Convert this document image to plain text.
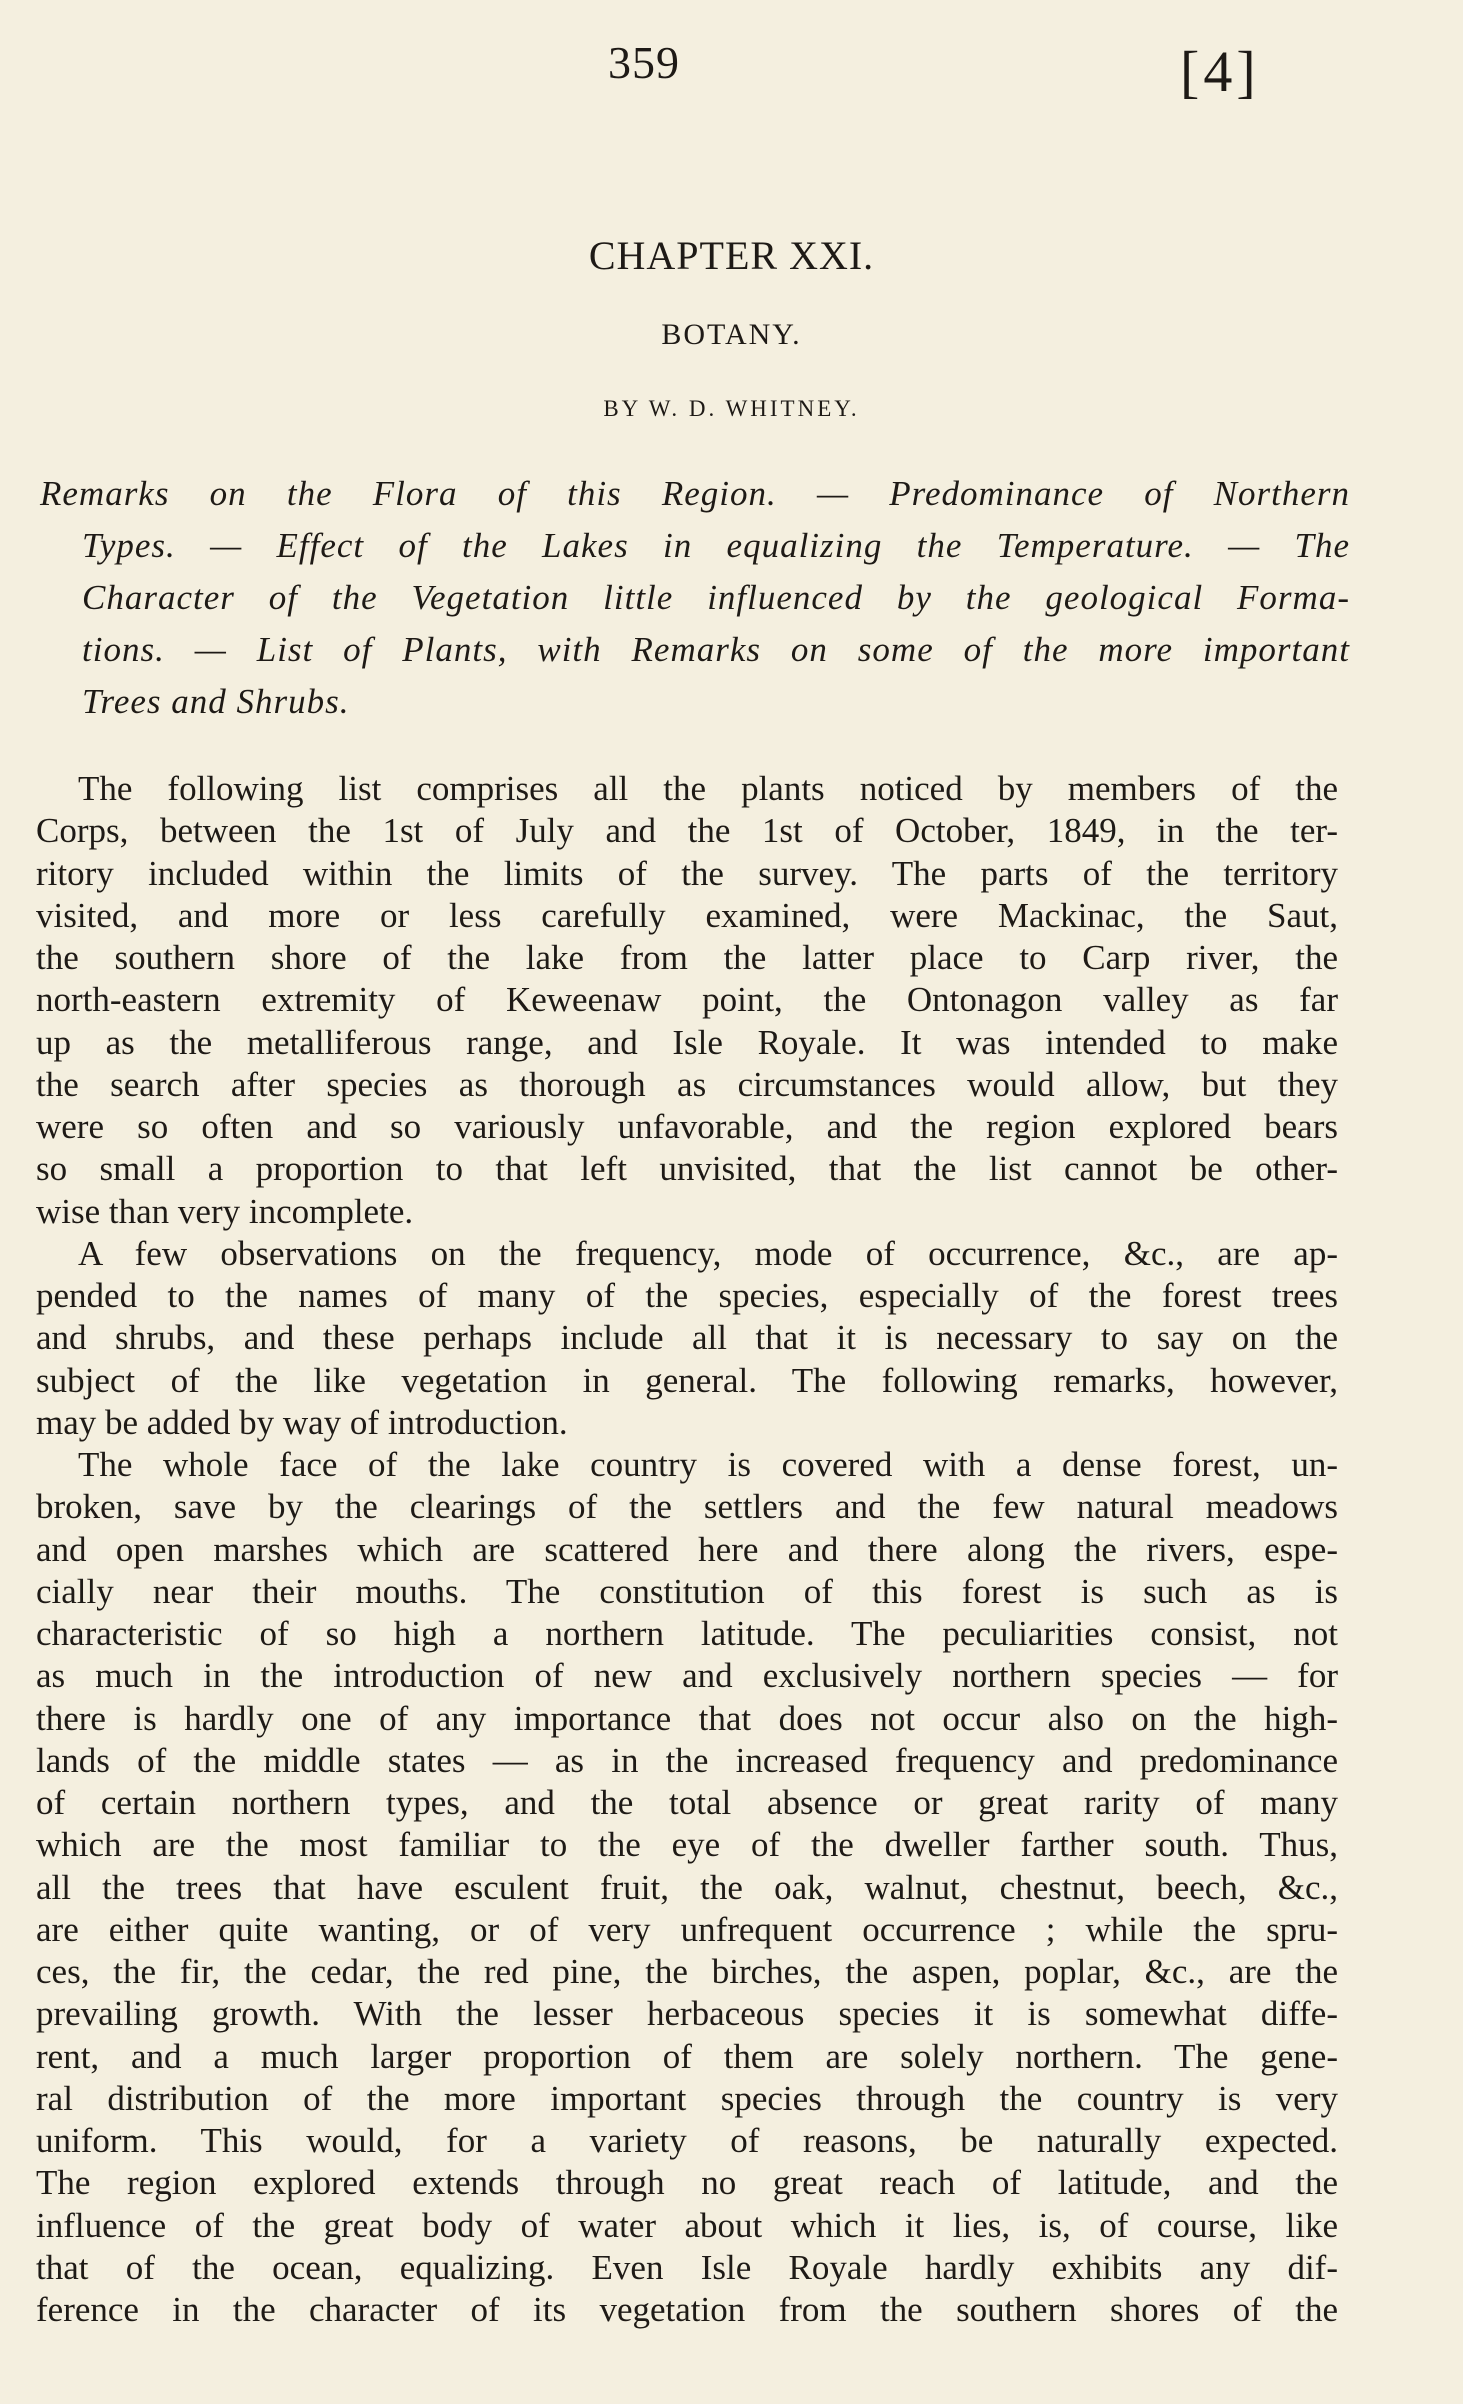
359	[4]
CHAPTER XXI.
BOTANY.
BY W. D. WHITNEY.
Remarks on the Flora of this Region. — Predominance of Northern
Types. — Effect of the Lakes in equalizing the Temperature. — The
Character of the Vegetation little influenced by the geological Forma-
tions. — List of Plants, with Remarks on some of the more important
Trees and Shrubs.
The following list comprises all the plants noticed by members of the
Corps, between the 1st of July and the 1st of October, 1849, in the ter-
ritory included within the limits of the survey. The parts of the territory
visited, and more or less carefully examined, were Mackinac, the Saut,
the southern shore of the lake from the latter place to Carp river, the
north-eastern extremity of Keweenaw point, the Ontonagon valley as far
up as the metalliferous range, and Isle Royale. It was intended to make
the search after species as thorough as circumstances would allow, but they
were so often and so variously unfavorable, and the region explored bears
so small a proportion to that left unvisited, that the list cannot be other-
wise than very incomplete.
A few observations on the frequency, mode of occurrence, &c., are ap-
pended to the names of many of the species, especially of the forest trees
and shrubs, and these perhaps include all that it is necessary to say on the
subject of the like vegetation in general. The following remarks, however,
may be added by way of introduction.
The whole face of the lake country is covered with a dense forest, un-
broken, save by the clearings of the settlers and the few natural meadows
and open marshes which are scattered here and there along the rivers, espe-
cially near their mouths. The constitution of this forest is such as is
characteristic of so high a northern latitude. The peculiarities consist, not
as much in the introduction of new and exclusively northern species — for
there is hardly one of any importance that does not occur also on the high-
lands of the middle states — as in the increased frequency and predominance
of certain northern types, and the total absence or great rarity of many
which are the most familiar to the eye of the dweller farther south. Thus,
all the trees that have esculent fruit, the oak, walnut, chestnut, beech, &c.,
are either quite wanting, or of very unfrequent occurrence ; while the spru-
ces, the fir, the cedar, the red pine, the birches, the aspen, poplar, &c., are the
prevailing growth. With the lesser herbaceous species it is somewhat diffe-
rent, and a much larger proportion of them are solely northern. The gene-
ral distribution of the more important species through the country is very
uniform. This would, for a variety of reasons, be naturally expected.
The region explored extends through no great reach of latitude, and the
influence of the great body of water about which it lies, is, of course, like
that of the ocean, equalizing. Even Isle Royale hardly exhibits any dif-
ference in the character of its vegetation from the southern shores of the
